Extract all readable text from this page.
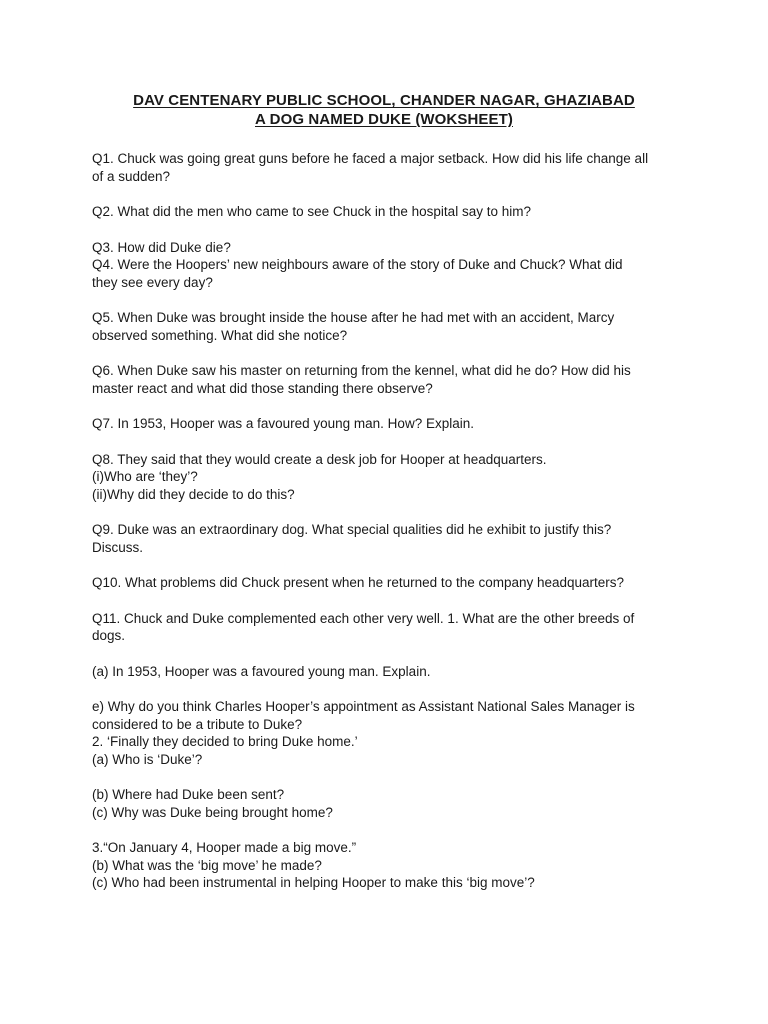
DAV CENTENARY PUBLIC SCHOOL, CHANDER NAGAR, GHAZIABAD
A DOG NAMED DUKE (WOKSHEET)
Q1. Chuck was going great guns before he faced a major setback. How did his life change all
of a sudden?
Q2. What did the men who came to see Chuck in the hospital say to him?
Q3. How did Duke die?
Q4. Were the Hoopers’ new neighbours aware of the story of Duke and Chuck? What did
they see every day?
Q5. When Duke was brought inside the house after he had met with an accident, Marcy
observed something. What did she notice?
Q6. When Duke saw his master on returning from the kennel, what did he do? How did his
master react and what did those standing there observe?
Q7. In 1953, Hooper was a favoured young man. How? Explain.
Q8. They said that they would create a desk job for Hooper at headquarters.
(i)Who are ‘they’?
(ii)Why did they decide to do this?
Q9. Duke was an extraordinary dog. What special qualities did he exhibit to justify this?
Discuss.
Q10. What problems did Chuck present when he returned to the company headquarters?
Q11. Chuck and Duke complemented each other very well. 1. What are the other breeds of
dogs.
(a) In 1953, Hooper was a favoured young man. Explain.
e) Why do you think Charles Hooper’s appointment as Assistant National Sales Manager is
considered to be a tribute to Duke?
2. ‘Finally they decided to bring Duke home.’
(a) Who is ‘Duke’?
(b) Where had Duke been sent?
(c) Why was Duke being brought home?
3.“On January 4, Hooper made a big move.”
(b) What was the ‘big move’ he made?
(c) Who had been instrumental in helping Hooper to make this ‘big move’?
